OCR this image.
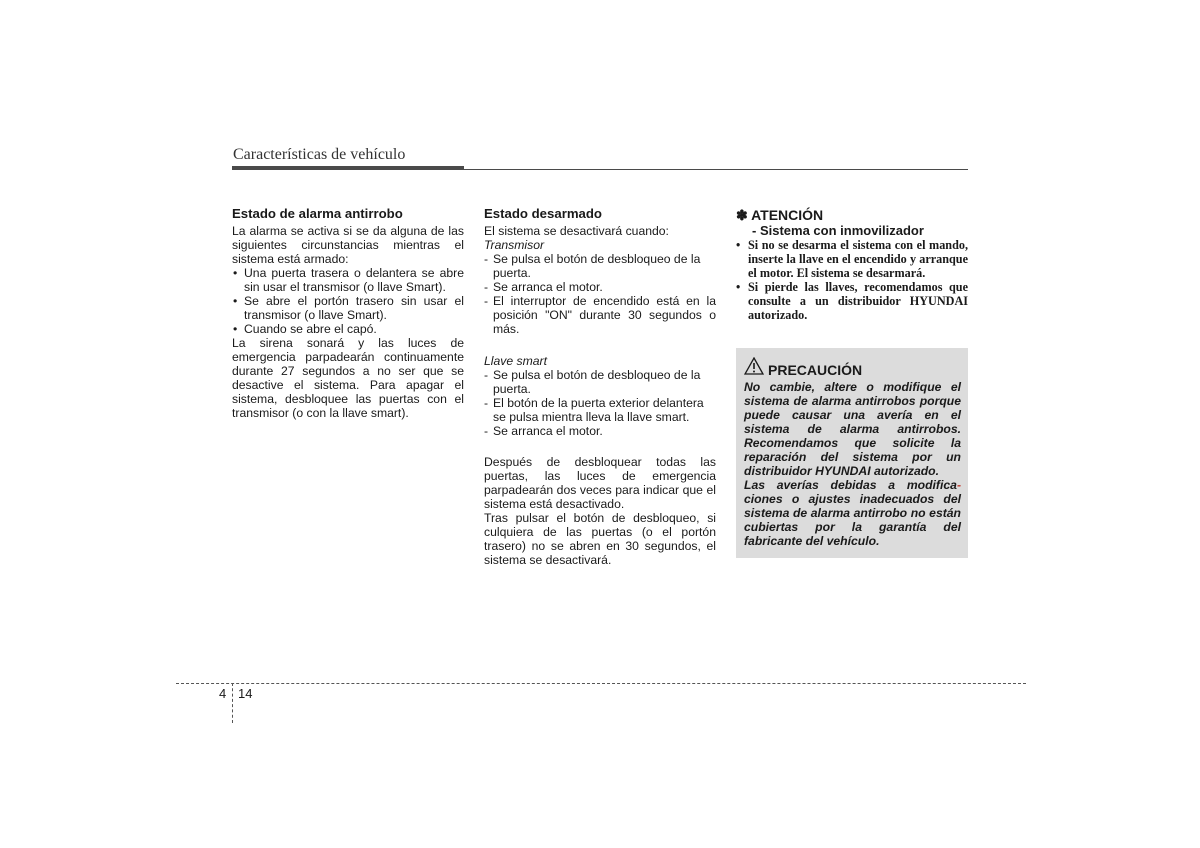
Características de vehículo
Estado de alarma antirrobo

La alarma se activa si se da alguna de las siguientes circunstancias mientras el sistema está armado:

• Una puerta trasera o delantera se abre sin usar el transmisor (o llave Smart).
• Se abre el portón trasero sin usar el transmisor (o llave Smart).
• Cuando se abre el capó.

La sirena sonará y las luces de emergencia parpadearán continuamente durante 27 segundos a no ser que se desactive el sistema. Para apagar el sistema, desbloquee las puertas con el transmisor (o con la llave smart).

Estado desarmado

El sistema se desactivará cuando:

Transmisor
- Se pulsa el botón de desbloqueo de la puerta.
- Se arranca el motor.
- El interruptor de encendido está en la posición "ON" durante 30 segundos o más.
Llave smart
- Se pulsa el botón de desbloqueo de la puerta.
- El botón de la puerta exterior delantera se pulsa mientra lleva la llave smart.
- Se arranca el motor.

Después de desbloquear todas las puertas, las luces de emergencia parpadearán dos veces para indicar que el sistema está desactivado.

Tras pulsar el botón de desbloqueo, si culquiera de las puertas (o el portón trasero) no se abren en 30 segundos, el sistema se desactivará.

✽ ATENCIÓN
- Sistema con inmovilizador
• Si no se desarma el sistema con el mando, inserte la llave en el encendido y arranque el motor. El sistema se desarmará.
• Si pierde las llaves, recomendamos que consulte a un distribuidor HYUNDAI autorizado.
PRECAUCIÓN

No cambie, altere o modifique el sistema de alarma antirrobos porque puede causar una avería en el sistema de alarma antirrobos. Recomendamos que solicite la reparación del sistema por un distribuidor HYUNDAI autorizado.

Las averías debidas a modifica-ciones o ajustes inadecuados del sistema de alarma antirrobo no están cubiertas por la garantía del fabricante del vehículo.

4 14
